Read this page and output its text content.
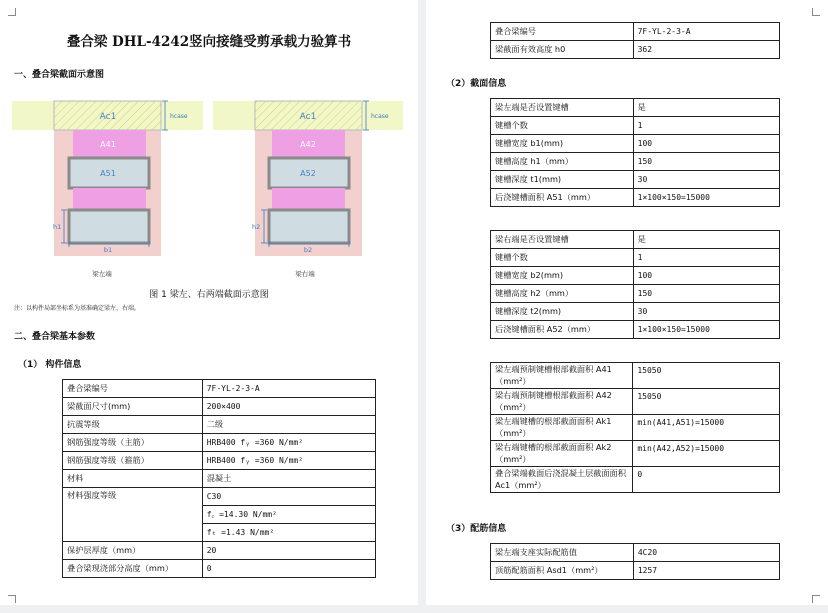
叠合梁 DHL-4242竖向接缝受剪承载力验算书
一、叠合梁截面示意图
Ac1
A41
A51
hcase
h1
b1
梁左端
Ac1
A42
A52
hcase
h2
b2
梁右端
图 1 梁左、右两端截面示意图
注：以构件局部坐标系为基准确定梁左、右端。
二、叠合梁基本参数
（1） 构件信息
叠合梁编号	7F-YL-2-3-A
梁截面尺寸(mm)	200×400
抗震等级	二级
钢筋强度等级（主筋）	HRB400 fᵧ =360 N/mm²
钢筋强度等级（箍筋）	HRB400 fᵧ =360 N/mm²
材料	混凝土
材料强度等级	C30
	f꜀ =14.30 N/mm²
	fₜ =1.43 N/mm²
保护层厚度（mm）	20
叠合梁现浇部分高度（mm）	0
叠合梁编号	7F-YL-2-3-A
梁截面有效高度 h0	362
（2）截面信息
梁左端是否设置键槽	是
键槽个数	1
键槽宽度 b1(mm)	100
键槽高度 h1（mm）	150
键槽深度 t1(mm)	30
后浇键槽面积 A51（mm）	1×100×150=15000
梁右端是否设置键槽	是
键槽个数	1
键槽宽度 b2(mm)	100
键槽高度 h2（mm）	150
键槽深度 t2(mm)	30
后浇键槽面积 A52（mm）	1×100×150=15000
梁左端预制键槽根部截面积 A41（mm²）	15050
梁右端预制键槽根部截面积 A42（mm²）	15050
梁左端键槽的根部截面面积 Ak1（mm²）	min(A41,A51)=15000
梁右端键槽的根部截面面积 Ak2（mm²）	min(A42,A52)=15000
叠合梁端截面后浇混凝土层截面面积 Ac1（mm²）	0
（3）配筋信息
梁左端支座实际配筋值	4C20
顶筋配筋面积 Asd1（mm²）	1257
